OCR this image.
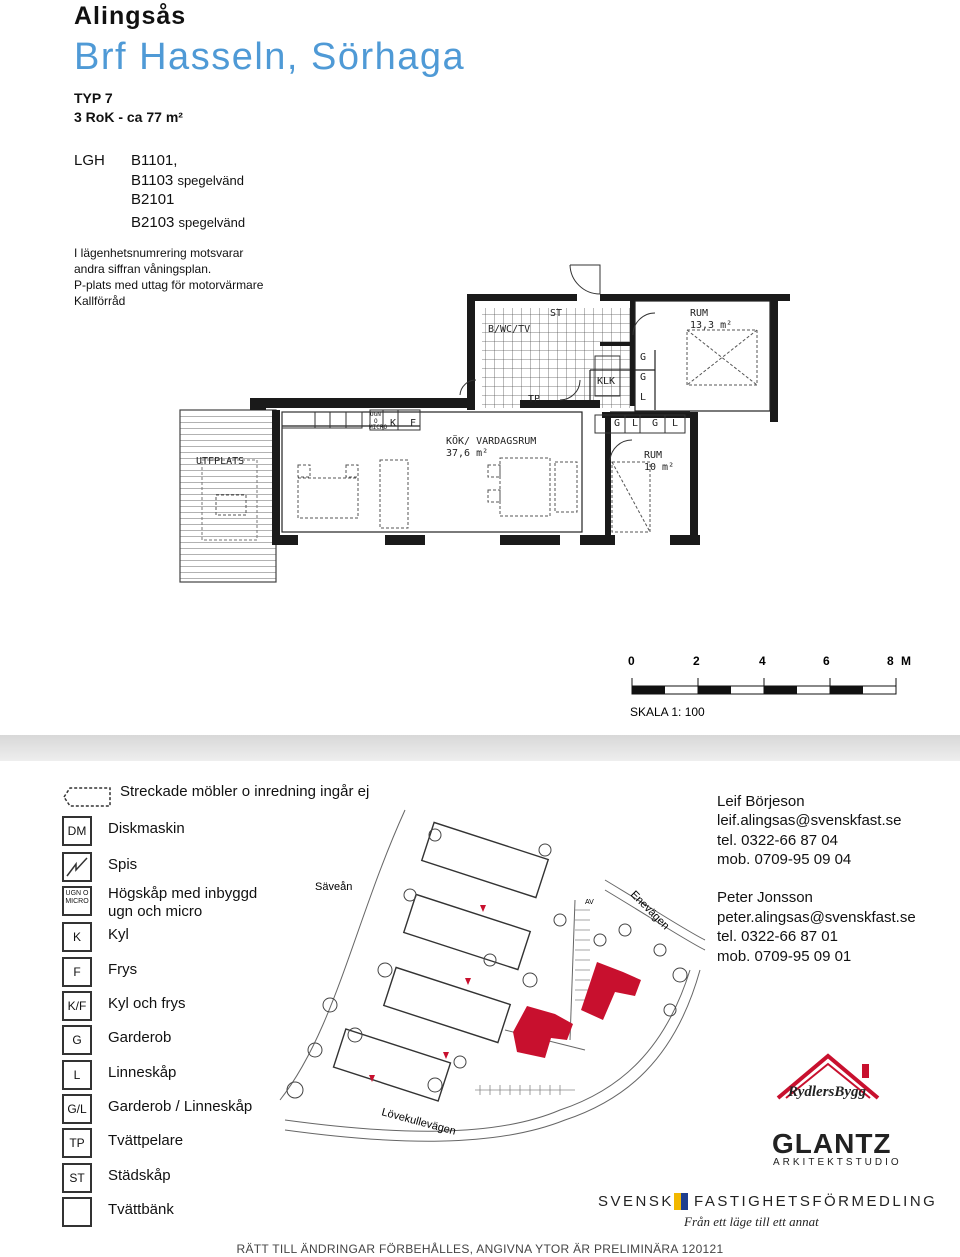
Alingsås
Brf Hasseln, Sörhaga
TYP 7
3 RoK - ca 77 m²
LGH B1101,
B1103 spegelvänd
B2101
B2103 spegelvänd
I lägenhetsnumrering motsvarar
andra siffran våningsplan.
P-plats med uttag för motorvärmare
Kallförråd
ST
B/WC/TV
TP
KLK
RUM
13,3 m²
KÖK/ VARDAGSRUM
37,6 m²	RUM
10 m²
UTFPLATS
UGN
O
MICRO K F
G
G
L
G L G L
0	2	4	6	8 M
SKALA 1: 100
Streckade möbler o inredning ingår ej
DM	Diskmaskin
Spis
UGN O MICRO Högskåp med inbyggd ugn och micro
K	Kyl
F	Frys
K/F	Kyl och frys
G	Garderob
L	Linneskåp
G/L	Garderob / Linneskåp
TP	Tvättpelare
ST	Städskåp
Tvättbänk
Säveån
Enevägen
Lövekullevägen
AV
Leif Börjeson
leif.alingsas@svenskfast.se
tel. 0322-66 87 04
mob. 0709-95 09 04
Peter Jonsson
peter.alingsas@svenskfast.se
tel. 0322-66 87 01
mob. 0709-95 09 01
RydlersBygg
GLANTZ
ARKITEKTSTUDIO
SVENSK FASTIGHETSFÖRMEDLING
Från ett läge till ett annat
RÄTT TILL ÄNDRINGAR FÖRBEHÅLLES, ANGIVNA YTOR ÄR PRELIMINÄRA 120121
